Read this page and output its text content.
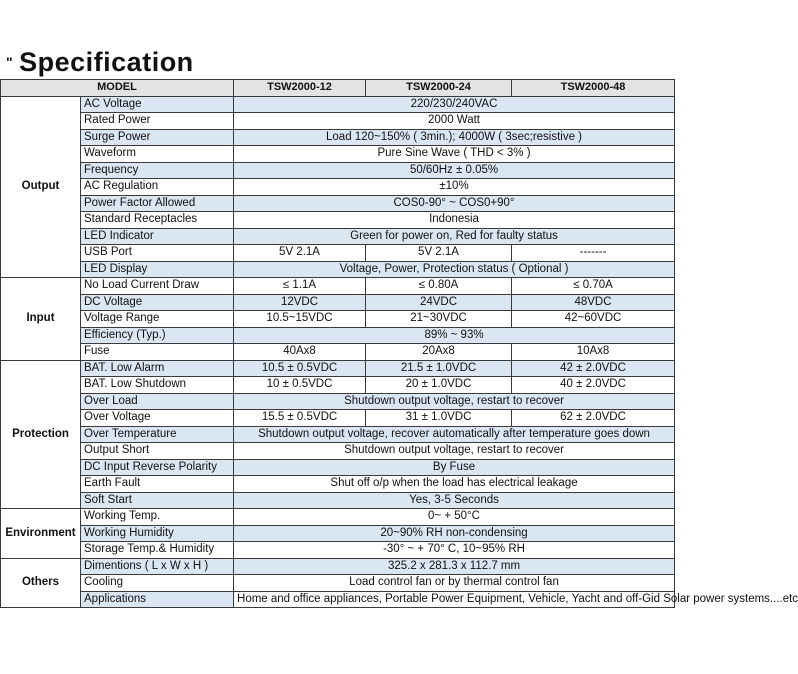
" Specification
MODEL		TSW2000-12	TSW2000-24	TSW2000-48
Output	AC Voltage	220/230/240VAC		
	Rated Power	2000 Watt		
	Surge Power	Load 120~150% ( 3min.); 4000W ( 3sec;resistive )		
	Waveform	Pure Sine Wave ( THD < 3% )		
	Frequency	50/60Hz ± 0.05%		
	AC Regulation	±10%		
	Power Factor Allowed	COS0-90° ~ COS0+90°		
	Standard Receptacles	Indonesia		
	LED Indicator	Green for power on, Red for faulty status		
	USB Port	5V 2.1A	5V 2.1A	-------
	LED Display	Voltage, Power, Protection status ( Optional )		
Input	No Load Current Draw	≤ 1.1A	≤ 0.80A	≤ 0.70A
	DC Voltage	12VDC	24VDC	48VDC
	Voltage Range	10.5~15VDC	21~30VDC	42~60VDC
	Efficiency (Typ.)	89% ~ 93%		
	Fuse	40Ax8	20Ax8	10Ax8
Protection	BAT. Low Alarm	10.5 ± 0.5VDC	21.5 ± 1.0VDC	42 ± 2.0VDC
	BAT. Low Shutdown	10 ± 0.5VDC	20 ± 1.0VDC	40 ± 2.0VDC
	Over Load	Shutdown output voltage, restart to recover		
	Over Voltage	15.5 ± 0.5VDC	31 ± 1.0VDC	62 ± 2.0VDC
	Over Temperature	Shutdown output voltage, recover automatically after temperature goes down		
	Output Short	Shutdown output voltage, restart to recover		
	DC Input Reverse Polarity	By Fuse		
	Earth Fault	Shut off o/p when the load has electrical leakage		
	Soft Start	Yes, 3-5 Seconds		
Environment	Working Temp.	0~ + 50°C		
	Working Humidity	20~90% RH non-condensing		
	Storage Temp.& Humidity	-30° ~ + 70° C, 10~95% RH		
Others	Dimentions ( L x W x H )	325.2 x 281.3 x 112.7 mm		
	Cooling	Load control fan or by thermal control fan		
	Applications	Home and office appliances, Portable Power Equipment, Vehicle, Yacht and off-Gid Solar power systems....etc		
